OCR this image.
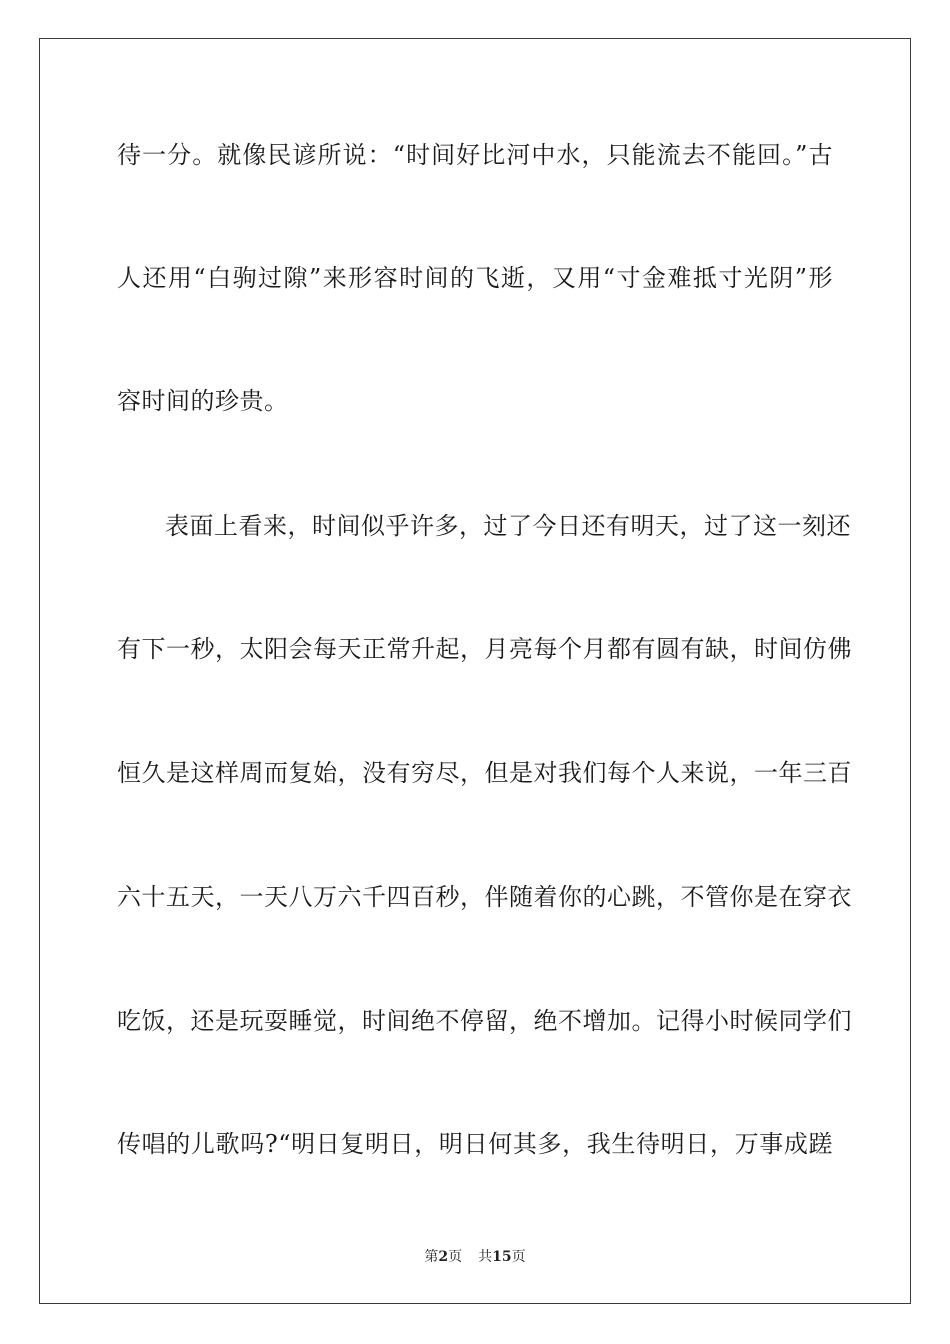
待一分。就像民谚所说：“时间好比河中水，只能流去不能回。”古
人还用“白驹过隙”来形容时间的飞逝，又用“寸金难抵寸光阴”形
容时间的珍贵。
表面上看来，时间似乎许多，过了今日还有明天，过了这一刻还
有下一秒，太阳会每天正常升起，月亮每个月都有圆有缺，时间仿佛
恒久是这样周而复始，没有穷尽，但是对我们每个人来说，一年三百
六十五天，一天八万六千四百秒，伴随着你的心跳，不管你是在穿衣
吃饭，还是玩耍睡觉，时间绝不停留，绝不增加。记得小时候同学们
传唱的儿歌吗?“明日复明日，明日何其多，我生待明日，万事成蹉
第2页 共15页
